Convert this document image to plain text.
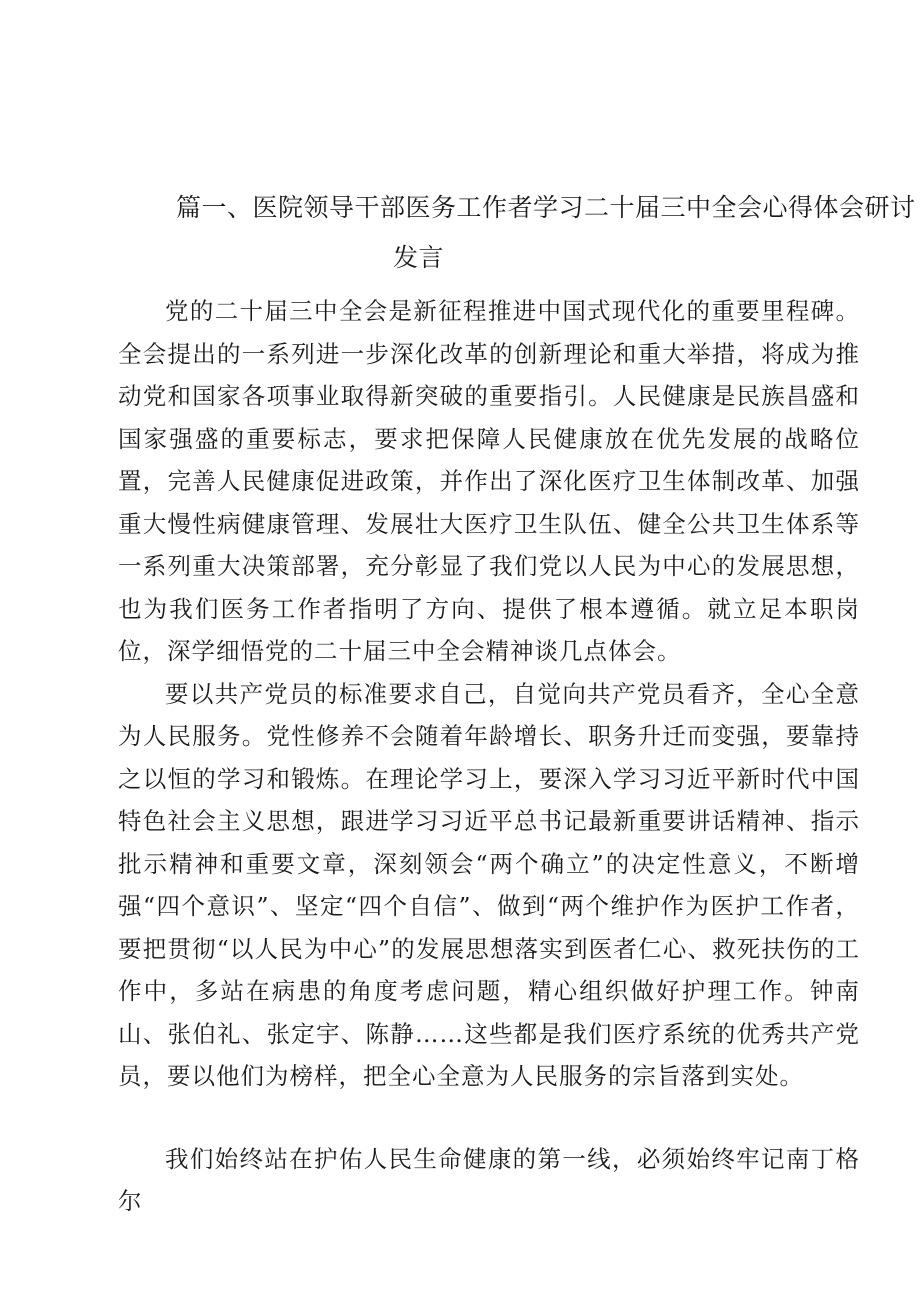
篇一、医院领导干部医务工作者学习二十届三中全会心得体会研讨
发言

党的二十届三中全会是新征程推进中国式现代化的重要里程碑。全会提出的一系列进一步深化改革的创新理论和重大举措，将成为推动党和国家各项事业取得新突破的重要指引。人民健康是民族昌盛和国家强盛的重要标志，要求把保障人民健康放在优先发展的战略位置，完善人民健康促进政策，并作出了深化医疗卫生体制改革、加强重大慢性病健康管理、发展壮大医疗卫生队伍、健全公共卫生体系等一系列重大决策部署，充分彰显了我们党以人民为中心的发展思想，也为我们医务工作者指明了方向、提供了根本遵循。就立足本职岗位，深学细悟党的二十届三中全会精神谈几点体会。

要以共产党员的标准要求自己，自觉向共产党员看齐，全心全意为人民服务。党性修养不会随着年龄增长、职务升迁而变强，要靠持之以恒的学习和锻炼。在理论学习上，要深入学习习近平新时代中国特色社会主义思想，跟进学习习近平总书记最新重要讲话精神、指示批示精神和重要文章，深刻领会“两个确立”的决定性意义，不断增强“四个意识”、坚定“四个自信”、做到“两个维护作为医护工作者，要把贯彻“以人民为中心”的发展思想落实到医者仁心、救死扶伤的工作中，多站在病患的角度考虑问题，精心组织做好护理工作。钟南山、张伯礼、张定宇、陈静……这些都是我们医疗系统的优秀共产党员，要以他们为榜样，把全心全意为人民服务的宗旨落到实处。

我们始终站在护佑人民生命健康的第一线，必须始终牢记南丁格尔
